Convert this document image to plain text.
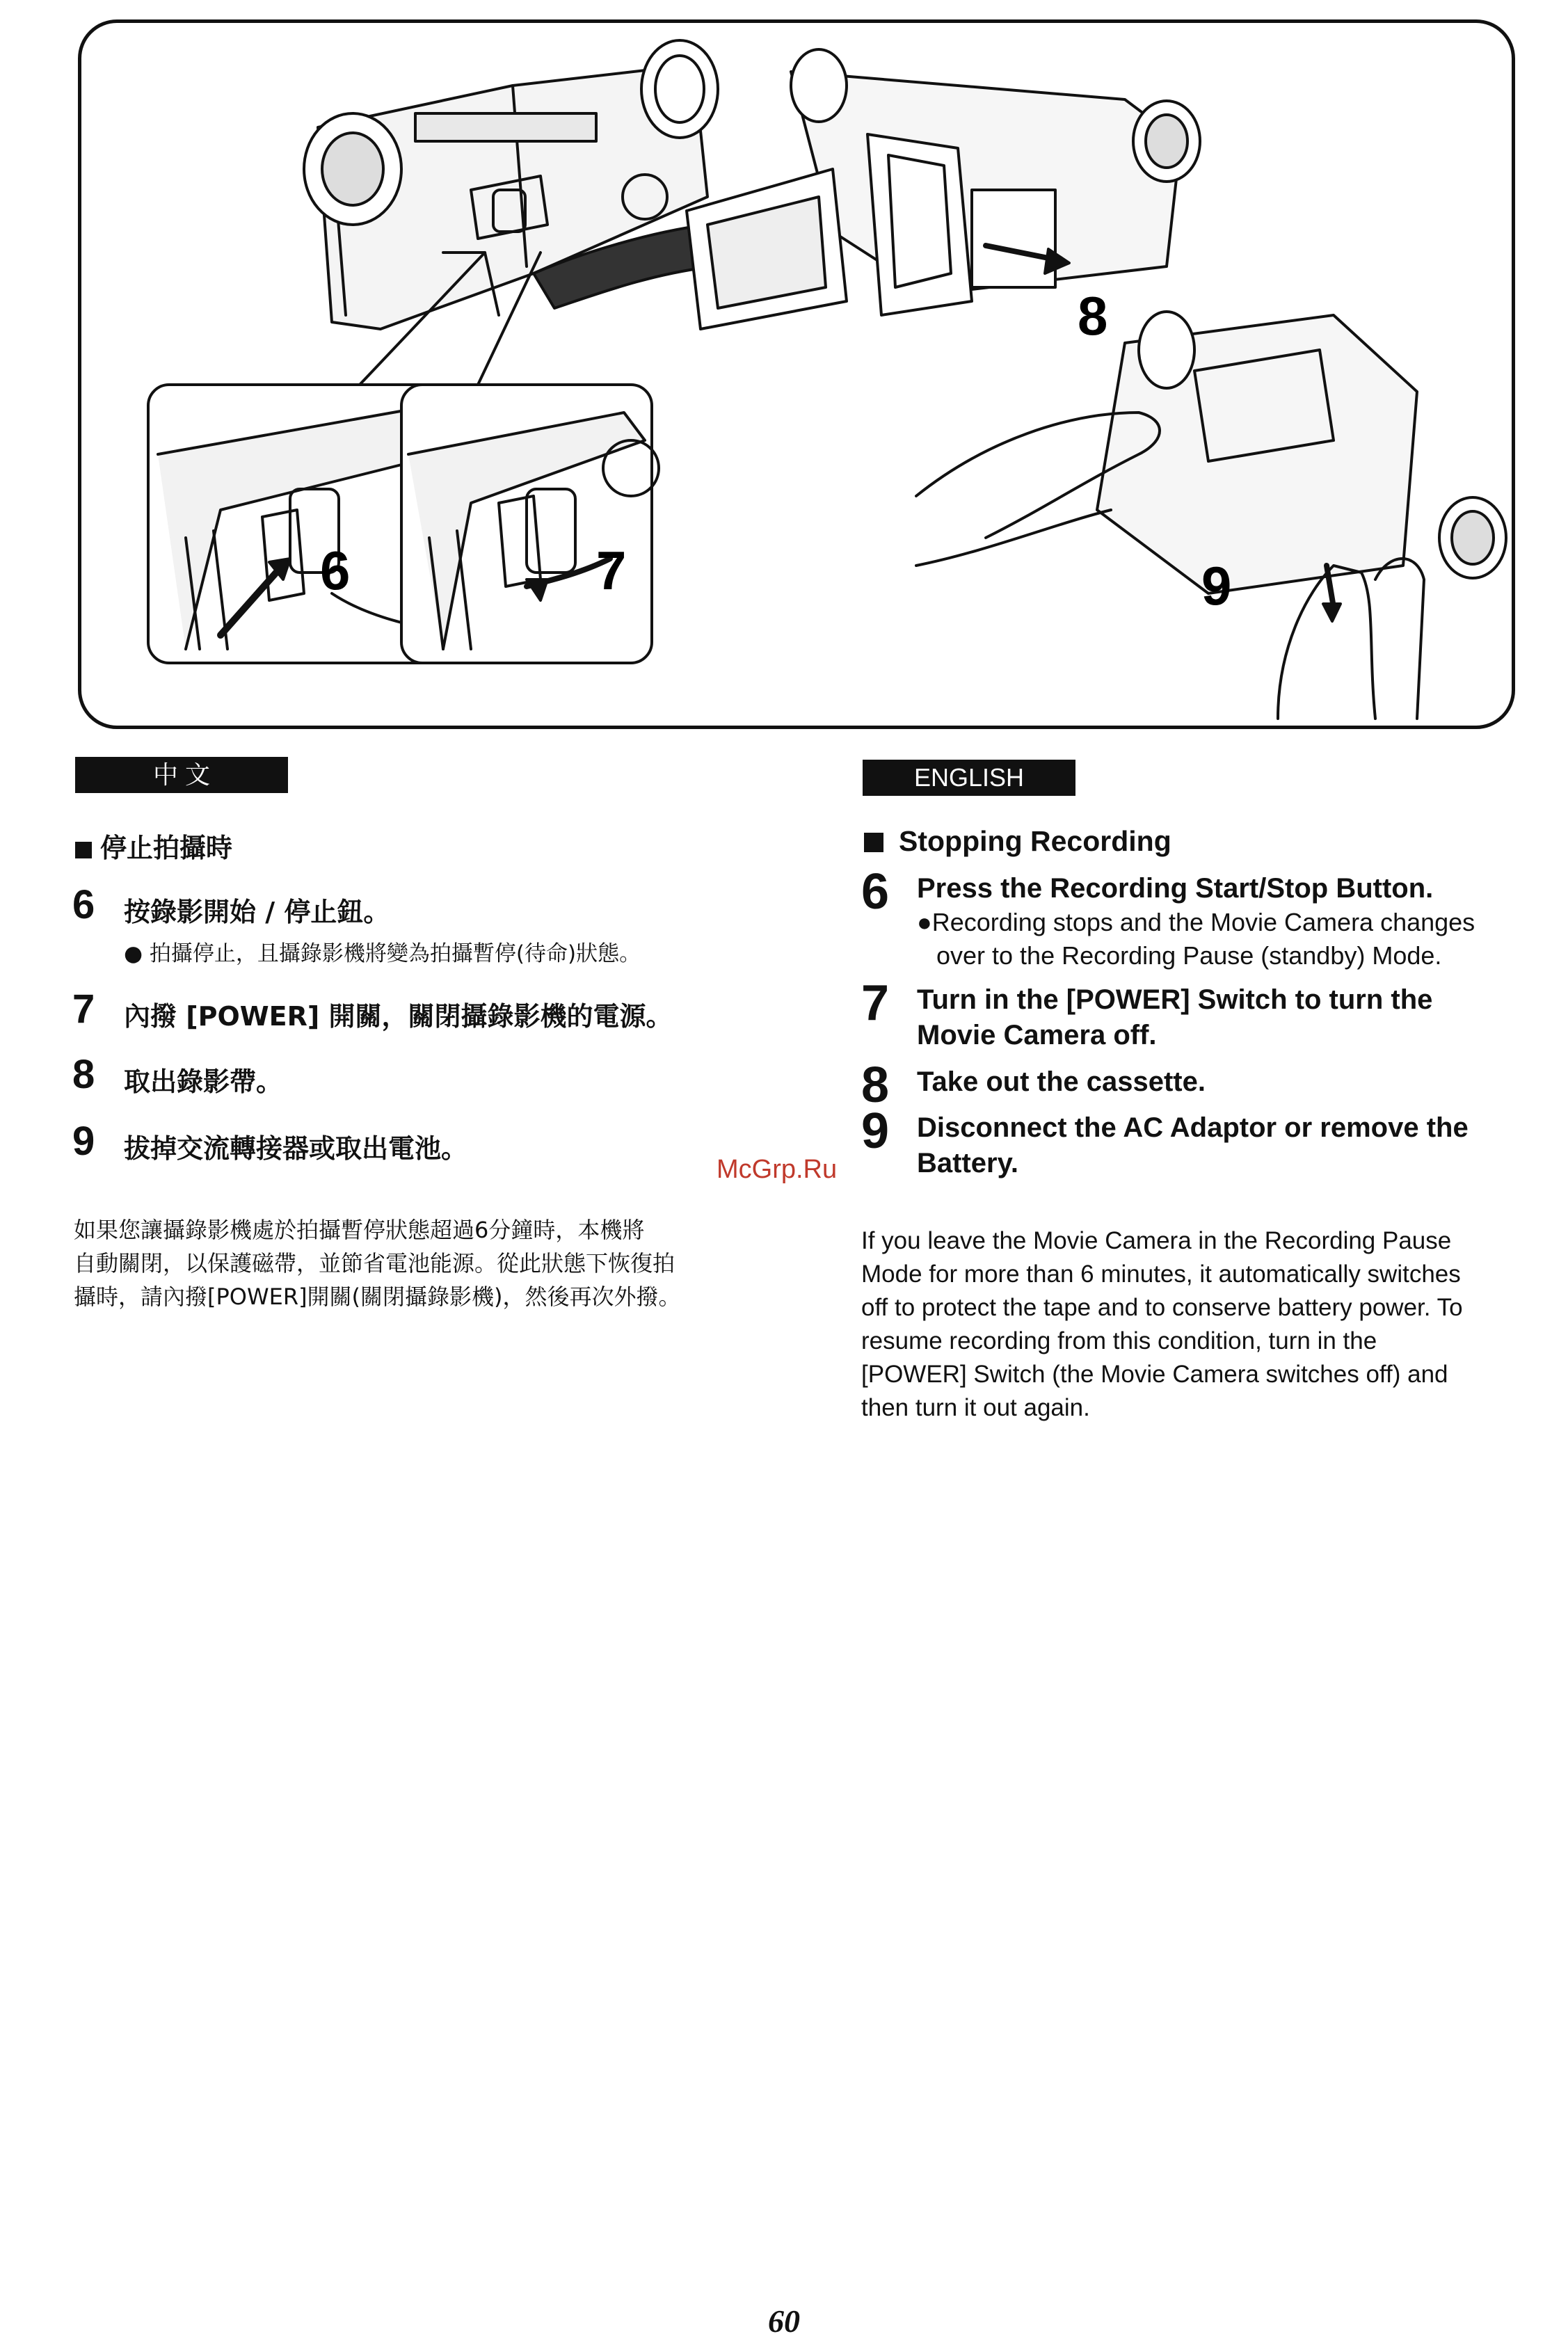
6	7
8
9
中 文
停止拍攝時
6 按錄影開始 / 停止鈕。
● 拍攝停止，且攝錄影機將變為拍攝暫停(待命)狀態。
7 內撥 [POWER] 開關，關閉攝錄影機的電源。
8 取出錄影帶。
9 拔掉交流轉接器或取出電池。
如果您讓攝錄影機處於拍攝暫停狀態超過6分鐘時，本機將
自動關閉，以保護磁帶，並節省電池能源。從此狀態下恢復拍
攝時，請內撥[POWER]開關(關閉攝錄影機)，然後再次外撥。
McGrp.Ru
ENGLISH
Stopping Recording
6 Press the Recording Start/Stop Button.
●Recording stops and the Movie Camera changes
over to the Recording Pause (standby) Mode.
7 Turn in the [POWER] Switch to turn the
Movie Camera off.
8 Take out the cassette.
9 Disconnect the AC Adaptor or remove the
Battery.
If you leave the Movie Camera in the Recording Pause
Mode for more than 6 minutes, it automatically switches
off to protect the tape and to conserve battery power. To
resume recording from this condition, turn in the
[POWER] Switch (the Movie Camera switches off) and
then turn it out again.
60
